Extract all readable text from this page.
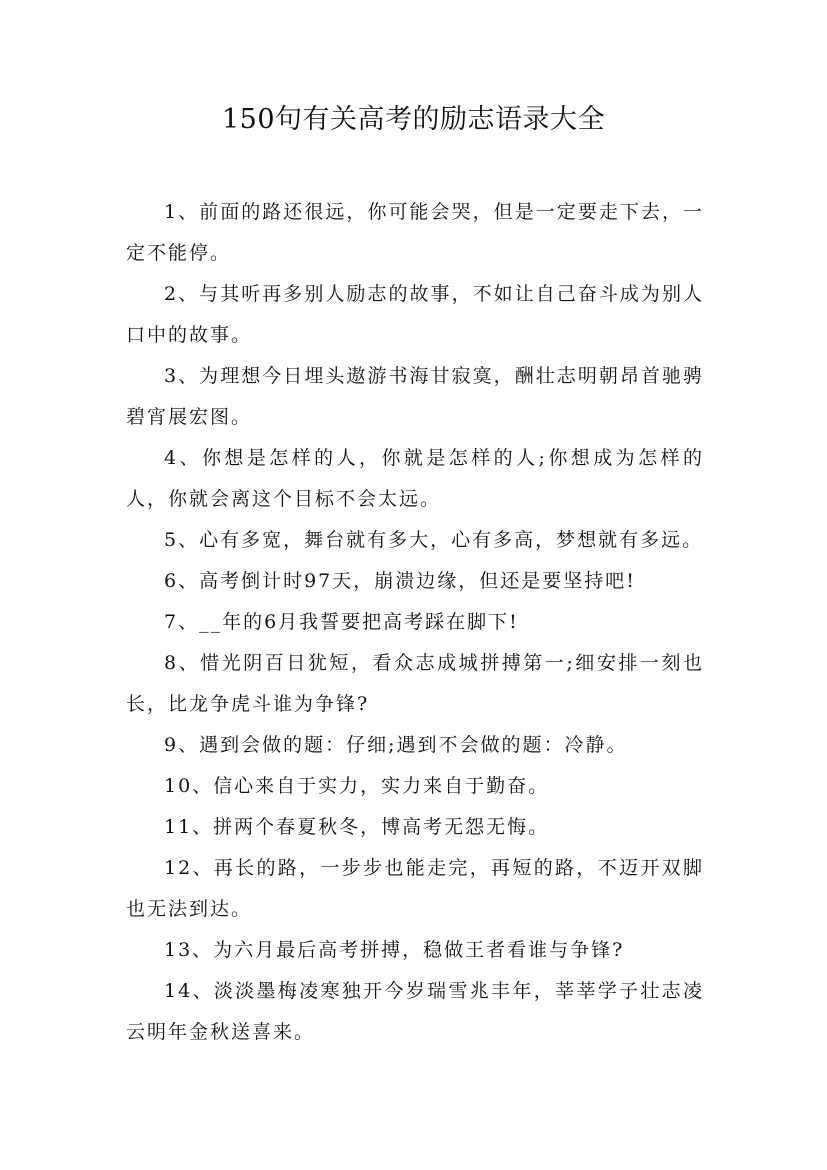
150句有关高考的励志语录大全

1、前面的路还很远，你可能会哭，但是一定要走下去，一定不能停。

2、与其听再多别人励志的故事，不如让自己奋斗成为别人口中的故事。

3、为理想今日埋头遨游书海甘寂寞，酬壮志明朝昂首驰骋碧宵展宏图。

4、你想是怎样的人，你就是怎样的人;你想成为怎样的人，你就会离这个目标不会太远。

5、心有多宽，舞台就有多大，心有多高，梦想就有多远。

6、高考倒计时97天，崩溃边缘，但还是要坚持吧!

7、__年的6月我誓要把高考踩在脚下!

8、惜光阴百日犹短，看众志成城拼搏第一;细安排一刻也长，比龙争虎斗谁为争锋?

9、遇到会做的题：仔细;遇到不会做的题：冷静。

10、信心来自于实力，实力来自于勤奋。

11、拼两个春夏秋冬，博高考无怨无悔。

12、再长的路，一步步也能走完，再短的路，不迈开双脚也无法到达。

13、为六月最后高考拼搏，稳做王者看谁与争锋?

14、淡淡墨梅凌寒独开今岁瑞雪兆丰年，莘莘学子壮志凌云明年金秋送喜来。
